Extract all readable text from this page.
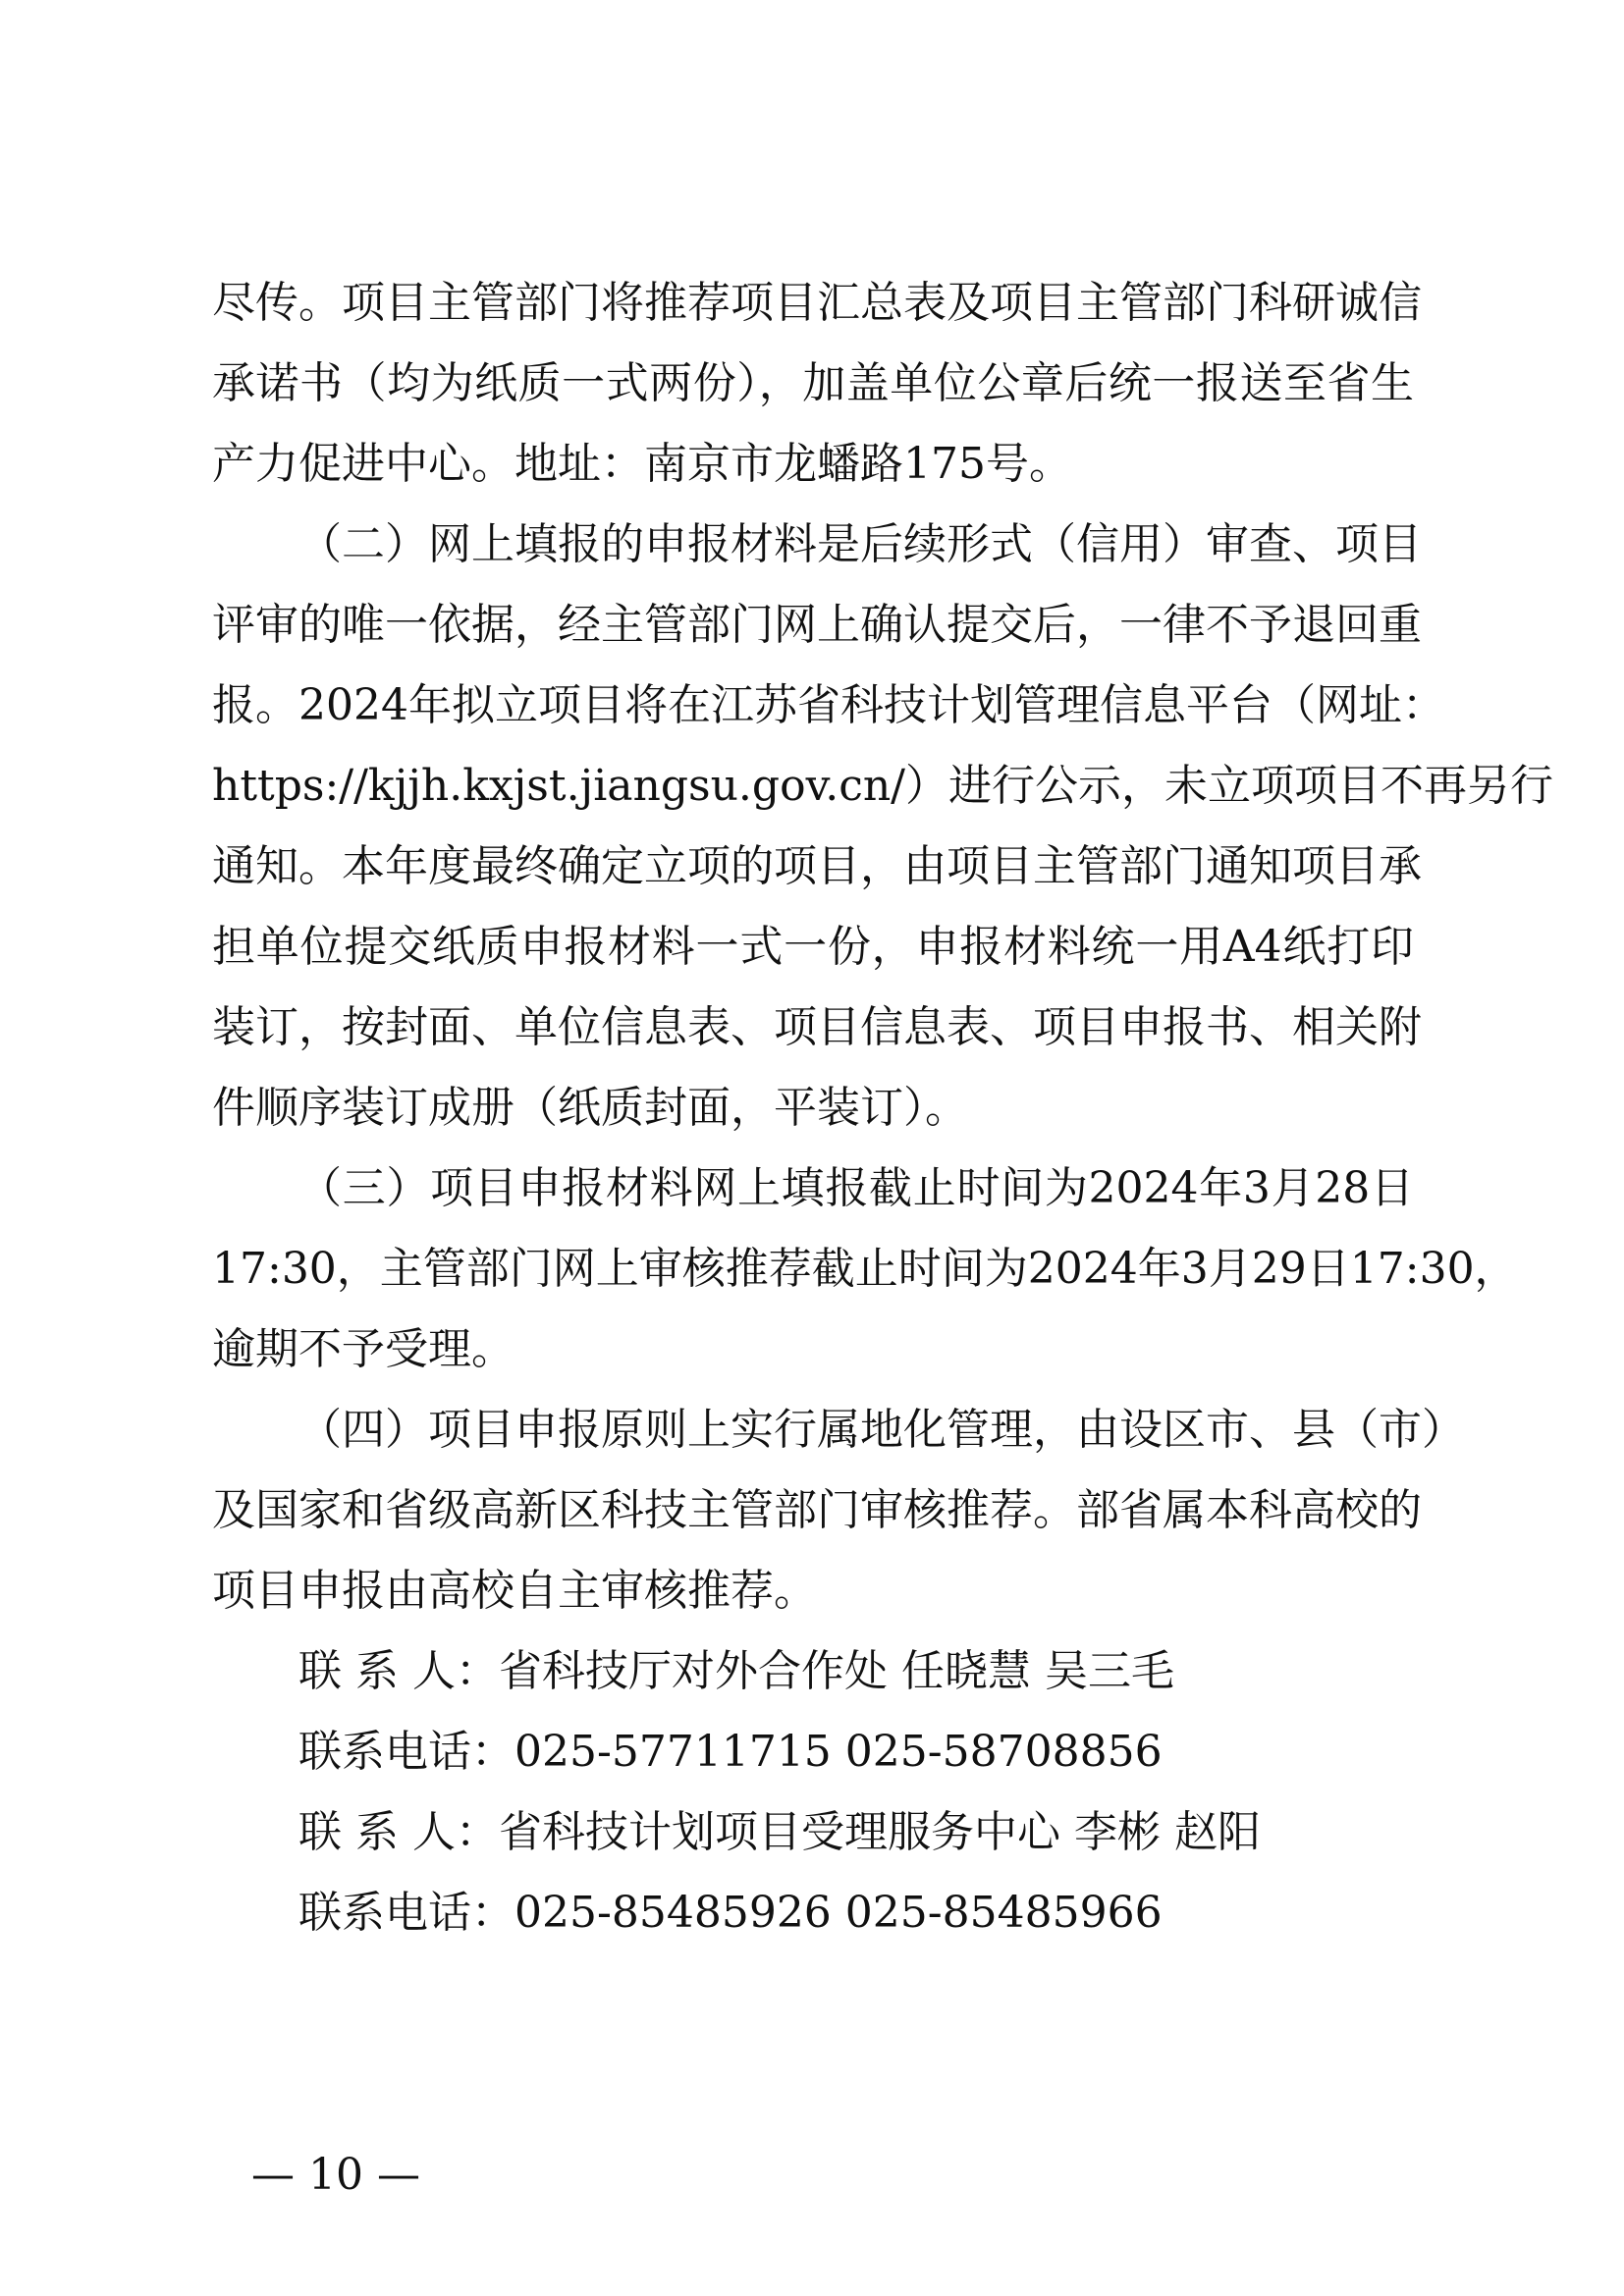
尽传。项目主管部门将推荐项目汇总表及项目主管部门科研诚信
承诺书（均为纸质一式两份），加盖单位公章后统一报送至省生
产力促进中心。地址：南京市龙蟠路175号。
（二）网上填报的申报材料是后续形式（信用）审查、项目
评审的唯一依据，经主管部门网上确认提交后，一律不予退回重
报。2024年拟立项目将在江苏省科技计划管理信息平台（网址：
https://kjjh.kxjst.jiangsu.gov.cn/）进行公示，未立项项目不再另行
通知。本年度最终确定立项的项目，由项目主管部门通知项目承
担单位提交纸质申报材料一式一份，申报材料统一用A4纸打印
装订，按封面、单位信息表、项目信息表、项目申报书、相关附
件顺序装订成册（纸质封面，平装订）。
（三）项目申报材料网上填报截止时间为2024年3月28日
17:30，主管部门网上审核推荐截止时间为2024年3月29日17:30，
逾期不予受理。
（四）项目申报原则上实行属地化管理，由设区市、县（市）
及国家和省级高新区科技主管部门审核推荐。部省属本科高校的
项目申报由高校自主审核推荐。
联 系 人：省科技厅对外合作处 任晓慧 吴三毛
联系电话：025-57711715 025-58708856
联 系 人：省科技计划项目受理服务中心 李彬 赵阳
联系电话：025-85485926 025-85485966
— 10 —
